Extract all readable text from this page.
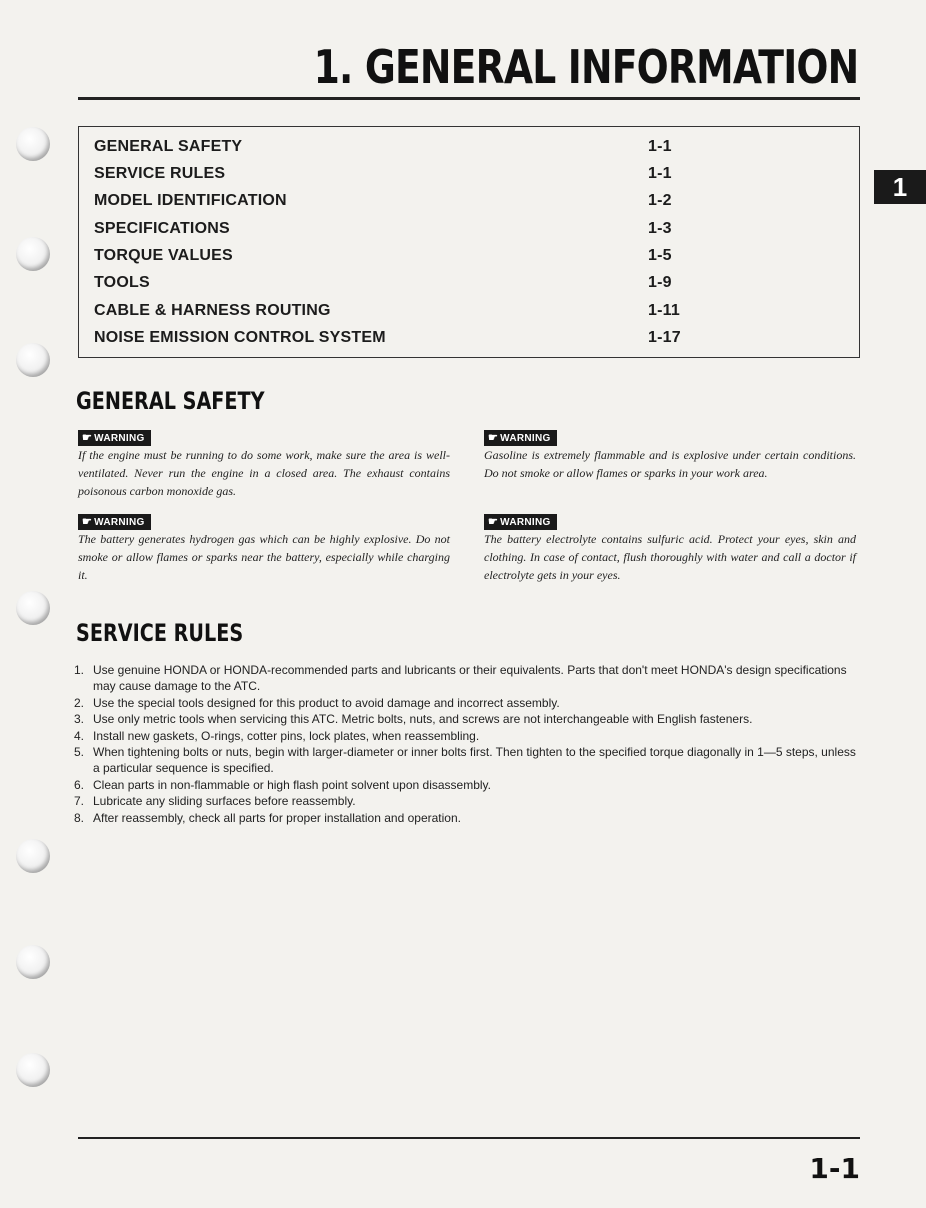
1. GENERAL INFORMATION
1
GENERAL SAFETY	1-1
SERVICE RULES	1-1
MODEL IDENTIFICATION	1-2
SPECIFICATIONS	1-3
TORQUE VALUES	1-5
TOOLS	1-9
CABLE & HARNESS ROUTING	1-11
NOISE EMISSION CONTROL SYSTEM	1-17
GENERAL SAFETY
☛ WARNING

If the engine must be running to do some work, make sure the area is well-ventilated. Never run the engine in a closed area. The exhaust contains poisonous carbon monoxide gas.

☛ WARNING

Gasoline is extremely flammable and is explosive under certain conditions. Do not smoke or allow flames or sparks in your work area.

☛ WARNING

The battery generates hydrogen gas which can be highly explosive. Do not smoke or allow flames or sparks near the battery, especially while charging it.

☛ WARNING

The battery electrolyte contains sulfuric acid. Protect your eyes, skin and clothing. In case of contact, flush thoroughly with water and call a doctor if electrolyte gets in your eyes.

SERVICE RULES
1. Use genuine HONDA or HONDA-recommended parts and lubricants or their equivalents. Parts that don't meet HONDA's design specifications may cause damage to the ATC.
2. Use the special tools designed for this product to avoid damage and incorrect assembly.
3. Use only metric tools when servicing this ATC. Metric bolts, nuts, and screws are not interchangeable with English fasteners.
4. Install new gaskets, O-rings, cotter pins, lock plates, when reassembling.
5. When tightening bolts or nuts, begin with larger-diameter or inner bolts first. Then tighten to the specified torque diagonally in 1—5 steps, unless a particular sequence is specified.
6. Clean parts in non-flammable or high flash point solvent upon disassembly.
7. Lubricate any sliding surfaces before reassembly.
8. After reassembly, check all parts for proper installation and operation.

1-1
